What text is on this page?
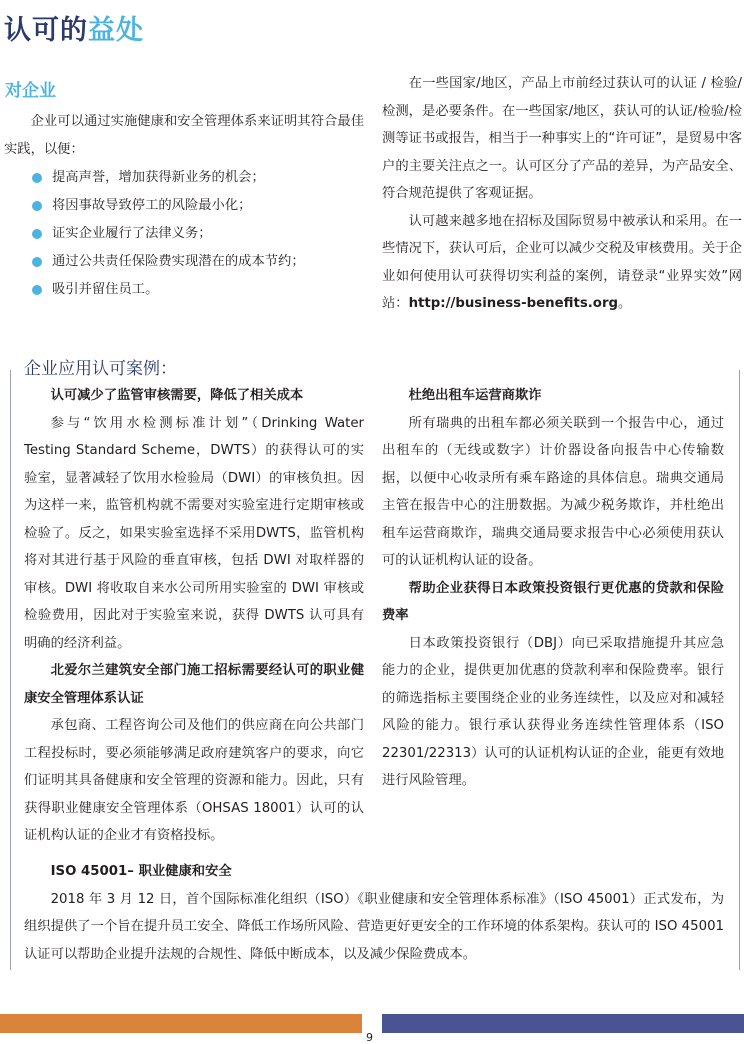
认可的益处
对企业
企业可以通过实施健康和安全管理体系来证明其符合最佳实践，以便：
提高声誉，增加获得新业务的机会；
将因事故导致停工的风险最小化；
证实企业履行了法律义务；
通过公共责任保险费实现潜在的成本节约；
吸引并留住员工。
在一些国家/地区，产品上市前经过获认可的认证 / 检验/检测，是必要条件。在一些国家/地区，获认可的认证/检验/检测等证书或报告，相当于一种事实上的“许可证”，是贸易中客户的主要关注点之一。认可区分了产品的差异，为产品安全、符合规范提供了客观证据。
认可越来越多地在招标及国际贸易中被承认和采用。在一些情况下，获认可后，企业可以减少交税及审核费用。关于企业如何使用认可获得切实利益的案例，请登录“业界实效”网站：http://business-benefits.org。
企业应用认可案例：
认可减少了监管审核需要，降低了相关成本
参与“饮用水检测标准计划”（Drinking Water Testing Standard Scheme，DWTS）的获得认可的实验室，显著减轻了饮用水检验局（DWI）的审核负担。因为这样一来，监管机构就不需要对实验室进行定期审核或检验了。反之，如果实验室选择不采用DWTS，监管机构将对其进行基于风险的垂直审核，包括 DWI 对取样器的审核。DWI 将收取自来水公司所用实验室的 DWI 审核或检验费用，因此对于实验室来说，获得 DWTS 认可具有明确的经济利益。
北爱尔兰建筑安全部门施工招标需要经认可的职业健康安全管理体系认证
承包商、工程咨询公司及他们的供应商在向公共部门工程投标时，要必须能够满足政府建筑客户的要求，向它们证明其具备健康和安全管理的资源和能力。因此，只有获得职业健康安全管理体系（OHSAS 18001）认可的认证机构认证的企业才有资格投标。
杜绝出租车运营商欺诈
所有瑞典的出租车都必须关联到一个报告中心，通过出租车的（无线或数字）计价器设备向报告中心传输数据，以便中心收录所有乘车路途的具体信息。瑞典交通局主管在报告中心的注册数据。为减少税务欺诈，并杜绝出租车运营商欺诈，瑞典交通局要求报告中心必须使用获认可的认证机构认证的设备。
帮助企业获得日本政策投资银行更优惠的贷款和保险费率
日本政策投资银行（DBJ）向已采取措施提升其应急能力的企业，提供更加优惠的贷款利率和保险费率。银行的筛选指标主要围绕企业的业务连续性，以及应对和减轻风险的能力。银行承认获得业务连续性管理体系（ISO 22301/22313）认可的认证机构认证的企业，能更有效地进行风险管理。
ISO 45001– 职业健康和安全
2018 年 3 月 12 日，首个国际标准化组织（ISO）《职业健康和安全管理体系标准》（ISO 45001）正式发布，为组织提供了一个旨在提升员工安全、降低工作场所风险、营造更好更安全的工作环境的体系架构。获认可的 ISO 45001 认证可以帮助企业提升法规的合规性、降低中断成本，以及减少保险费成本。
9
